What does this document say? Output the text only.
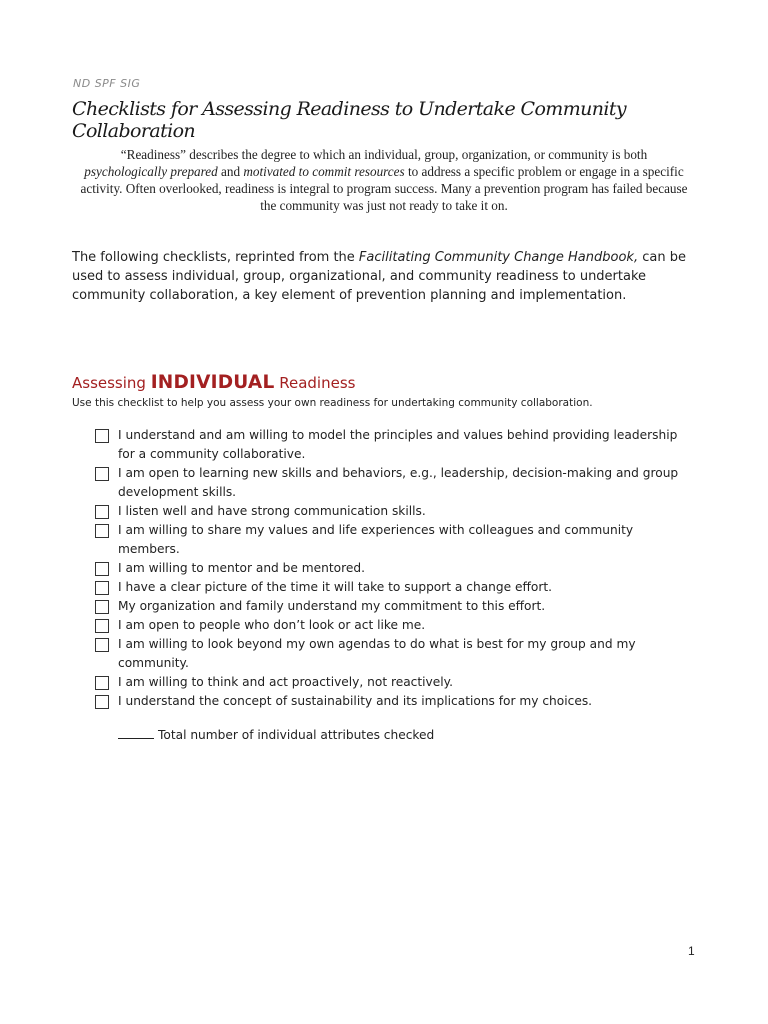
ND SPF SIG
Checklists for Assessing Readiness to Undertake Community Collaboration
“Readiness” describes the degree to which an individual, group, organization, or community is both psychologically prepared and motivated to commit resources to address a specific problem or engage in a specific activity. Often overlooked, readiness is integral to program success. Many a prevention program has failed because the community was just not ready to take it on.
The following checklists, reprinted from the Facilitating Community Change Handbook, can be used to assess individual, group, organizational, and community readiness to undertake community collaboration, a key element of prevention planning and implementation.
Assessing INDIVIDUAL Readiness
Use this checklist to help you assess your own readiness for undertaking community collaboration.
I understand and am willing to model the principles and values behind providing leadership for a community collaborative.
I am open to learning new skills and behaviors, e.g., leadership, decision-making and group development skills.
I listen well and have strong communication skills.
I am willing to share my values and life experiences with colleagues and community members.
I am willing to mentor and be mentored.
I have a clear picture of the time it will take to support a change effort.
My organization and family understand my commitment to this effort.
I am open to people who don’t look or act like me.
I am willing to look beyond my own agendas to do what is best for my group and my community.
I am willing to think and act proactively, not reactively.
I understand the concept of sustainability and its implications for my choices.
Total number of individual attributes checked
1
